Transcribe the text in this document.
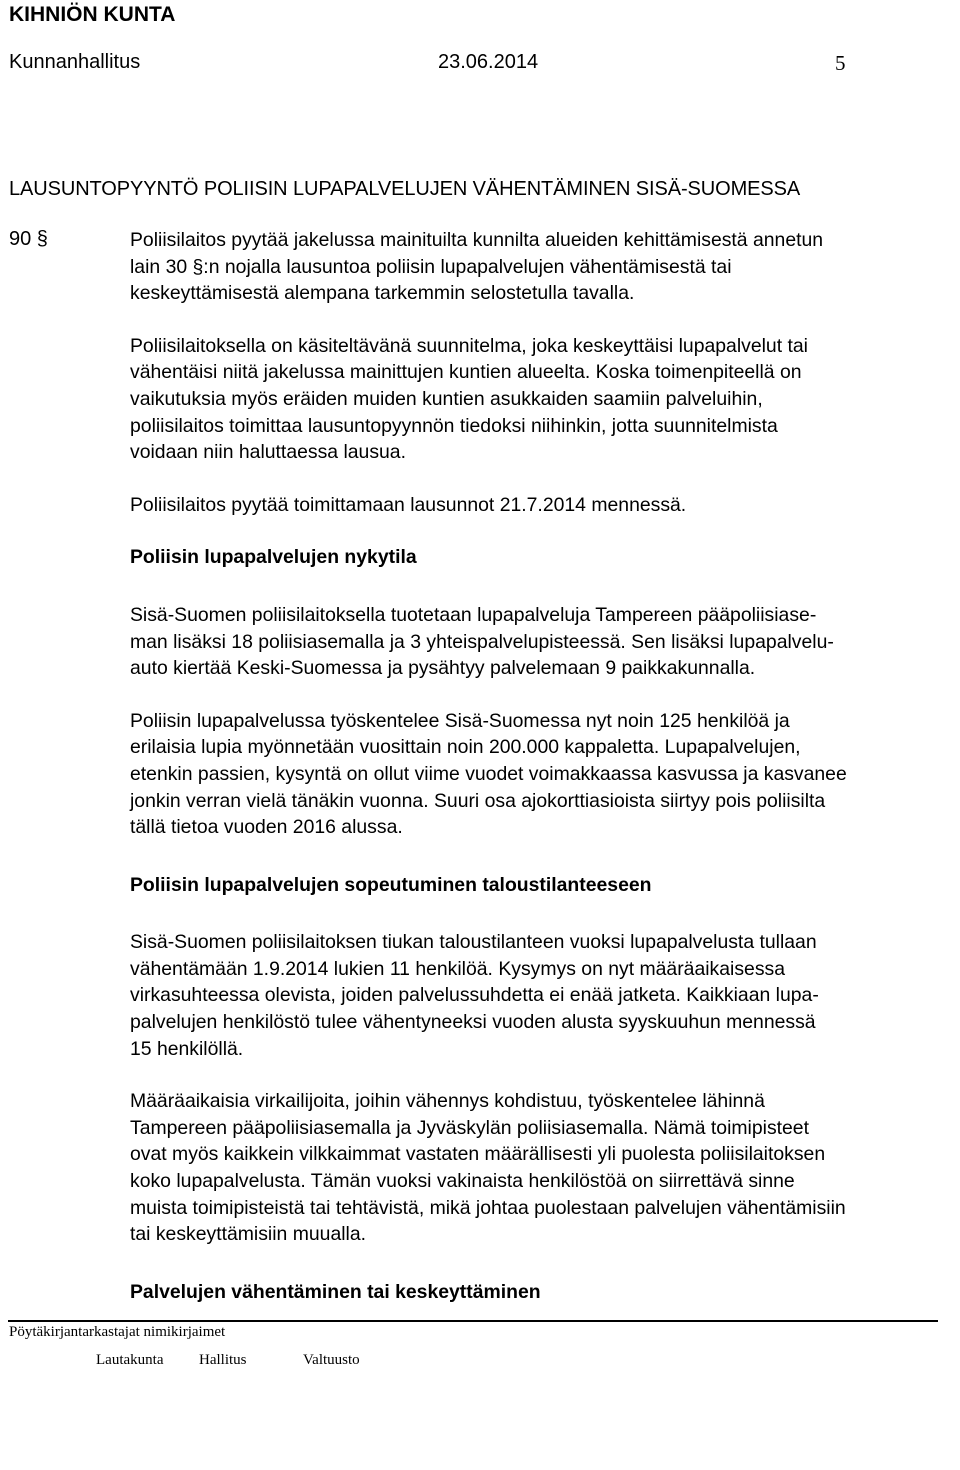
KIHNIÖN KUNTA
Kunnanhallitus	23.06.2014	5
LAUSUNTOPYYNTÖ POLIISIN LUPAPALVELUJEN VÄHENTÄMINEN SISÄ-SUOMESSA
90 §	Poliisilaitos pyytää jakelussa mainituilta kunnilta alueiden kehittämisestä annetun
lain 30 §:n nojalla lausuntoa poliisin lupapalvelujen vähentämisestä tai
keskeyttämisestä alempana tarkemmin selostetulla tavalla.
Poliisilaitoksella on käsiteltävänä suunnitelma, joka keskeyttäisi lupapalvelut tai
vähentäisi niitä jakelussa mainittujen kuntien alueelta. Koska toimenpiteellä on
vaikutuksia myös eräiden muiden kuntien asukkaiden saamiin palveluihin,
poliisilaitos toimittaa lausuntopyynnön tiedoksi niihinkin, jotta suunnitelmista
voidaan niin haluttaessa lausua.
Poliisilaitos pyytää toimittamaan lausunnot 21.7.2014 mennessä.
Poliisin lupapalvelujen nykytila
Sisä-Suomen poliisilaitoksella tuotetaan lupapalveluja Tampereen pääpoliisiase-
man lisäksi 18 poliisiasemalla ja 3 yhteispalvelupisteessä. Sen lisäksi lupapalvelu-
auto kiertää Keski-Suomessa ja pysähtyy palvelemaan 9 paikkakunnalla.
Poliisin lupapalvelussa työskentelee Sisä-Suomessa nyt noin 125 henkilöä ja
erilaisia lupia myönnetään vuosittain noin 200.000 kappaletta. Lupapalvelujen,
etenkin passien, kysyntä on ollut viime vuodet voimakkaassa kasvussa ja kasvanee
jonkin verran vielä tänäkin vuonna. Suuri osa ajokorttiasioista siirtyy pois poliisilta
tällä tietoa vuoden 2016 alussa.
Poliisin lupapalvelujen sopeutuminen taloustilanteeseen
Sisä-Suomen poliisilaitoksen tiukan taloustilanteen vuoksi lupapalvelusta tullaan
vähentämään 1.9.2014 lukien 11 henkilöä. Kysymys on nyt määräaikaisessa
virkasuhteessa olevista, joiden palvelussuhdetta ei enää jatketa. Kaikkiaan lupa-
palvelujen henkilöstö tulee vähentyneeksi vuoden alusta syyskuuhun mennessä
15 henkilöllä.
Määräaikaisia virkailijoita, joihin vähennys kohdistuu, työskentelee lähinnä
Tampereen pääpoliisiasemalla ja Jyväskylän poliisiasemalla. Nämä toimipisteet
ovat myös kaikkein vilkkaimmat vastaten määrällisesti yli puolesta poliisilaitoksen
koko lupapalvelusta. Tämän vuoksi vakinaista henkilöstöä on siirrettävä sinne
muista toimipisteistä tai tehtävistä, mikä johtaa puolestaan palvelujen vähentämisiin
tai keskeyttämisiin muualla.
Palvelujen vähentäminen tai keskeyttäminen
Pöytäkirjantarkastajat nimikirjaimet
Lautakunta Hallitus	Valtuusto
